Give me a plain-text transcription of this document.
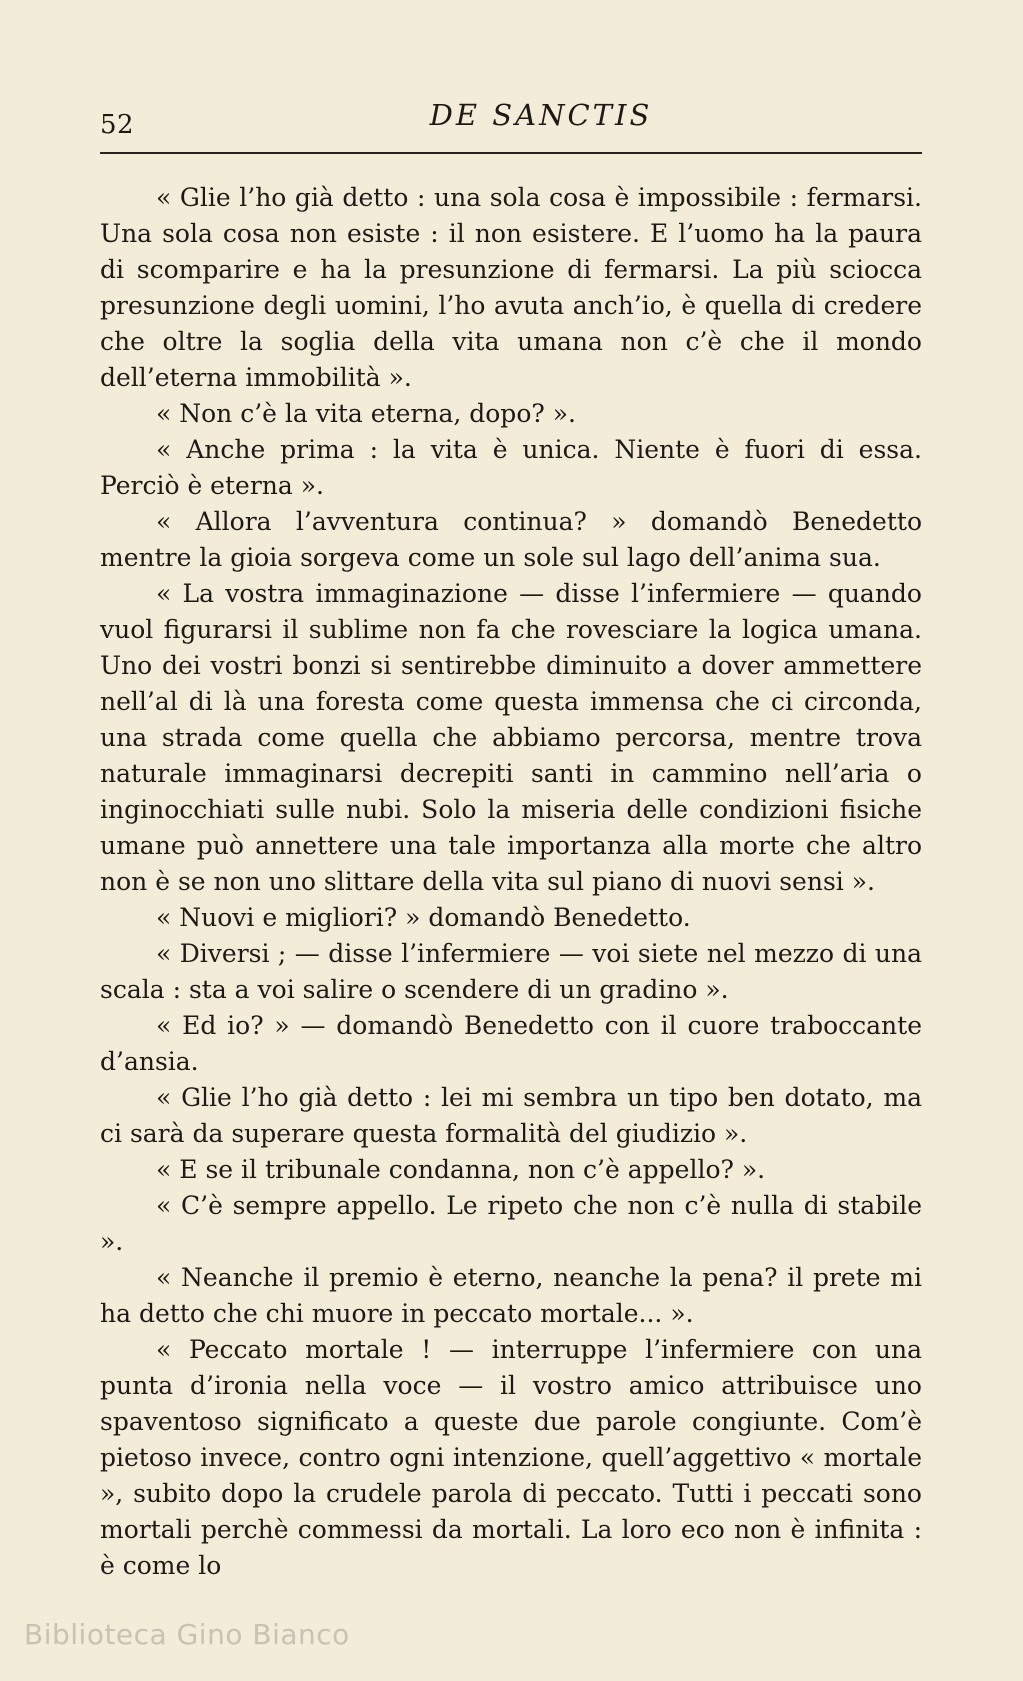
52	DE SANCTIS

« Glie l’ho già detto : una sola cosa è impossibile : fermarsi. Una sola cosa non esiste : il non esistere. E l’uomo ha la paura di scomparire e ha la presunzione di fermarsi. La più sciocca presunzione degli uomini, l’ho avuta anch’io, è quella di credere che oltre la soglia della vita umana non c’è che il mondo dell’eterna immobilità ».

« Non c’è la vita eterna, dopo? ».

« Anche prima : la vita è unica. Niente è fuori di essa. Perciò è eterna ».

« Allora l’avventura continua? » domandò Benedetto mentre la gioia sorgeva come un sole sul lago dell’anima sua.

« La vostra immaginazione — disse l’infermiere — quando vuol figurarsi il sublime non fa che rovesciare la logica umana. Uno dei vostri bonzi si sentirebbe diminuito a dover ammettere nell’al di là una foresta come questa immensa che ci circonda, una strada come quella che abbiamo percorsa, mentre trova naturale immaginarsi decrepiti santi in cammino nell’aria o inginocchiati sulle nubi. Solo la miseria delle condizioni fisiche umane può annettere una tale importanza alla morte che altro non è se non uno slittare della vita sul piano di nuovi sensi ».

« Nuovi e migliori? » domandò Benedetto.

« Diversi ; — disse l’infermiere — voi siete nel mezzo di una scala : sta a voi salire o scendere di un gradino ».

« Ed io? » — domandò Benedetto con il cuore traboccante d’ansia.

« Glie l’ho già detto : lei mi sembra un tipo ben dotato, ma ci sarà da superare questa formalità del giudizio ».

« E se il tribunale condanna, non c’è appello? ».

« C’è sempre appello. Le ripeto che non c’è nulla di stabile ».

« Neanche il premio è eterno, neanche la pena? il prete mi ha detto che chi muore in peccato mortale... ».

« Peccato mortale ! — interruppe l’infermiere con una punta d’ironia nella voce — il vostro amico attribuisce uno spaventoso significato a queste due parole congiunte. Com’è pietoso invece, contro ogni intenzione, quell’aggettivo « mortale », subito dopo la crudele parola di peccato. Tutti i peccati sono mortali perchè commessi da mortali. La loro eco non è infinita : è come lo

Biblioteca Gino Bianco
